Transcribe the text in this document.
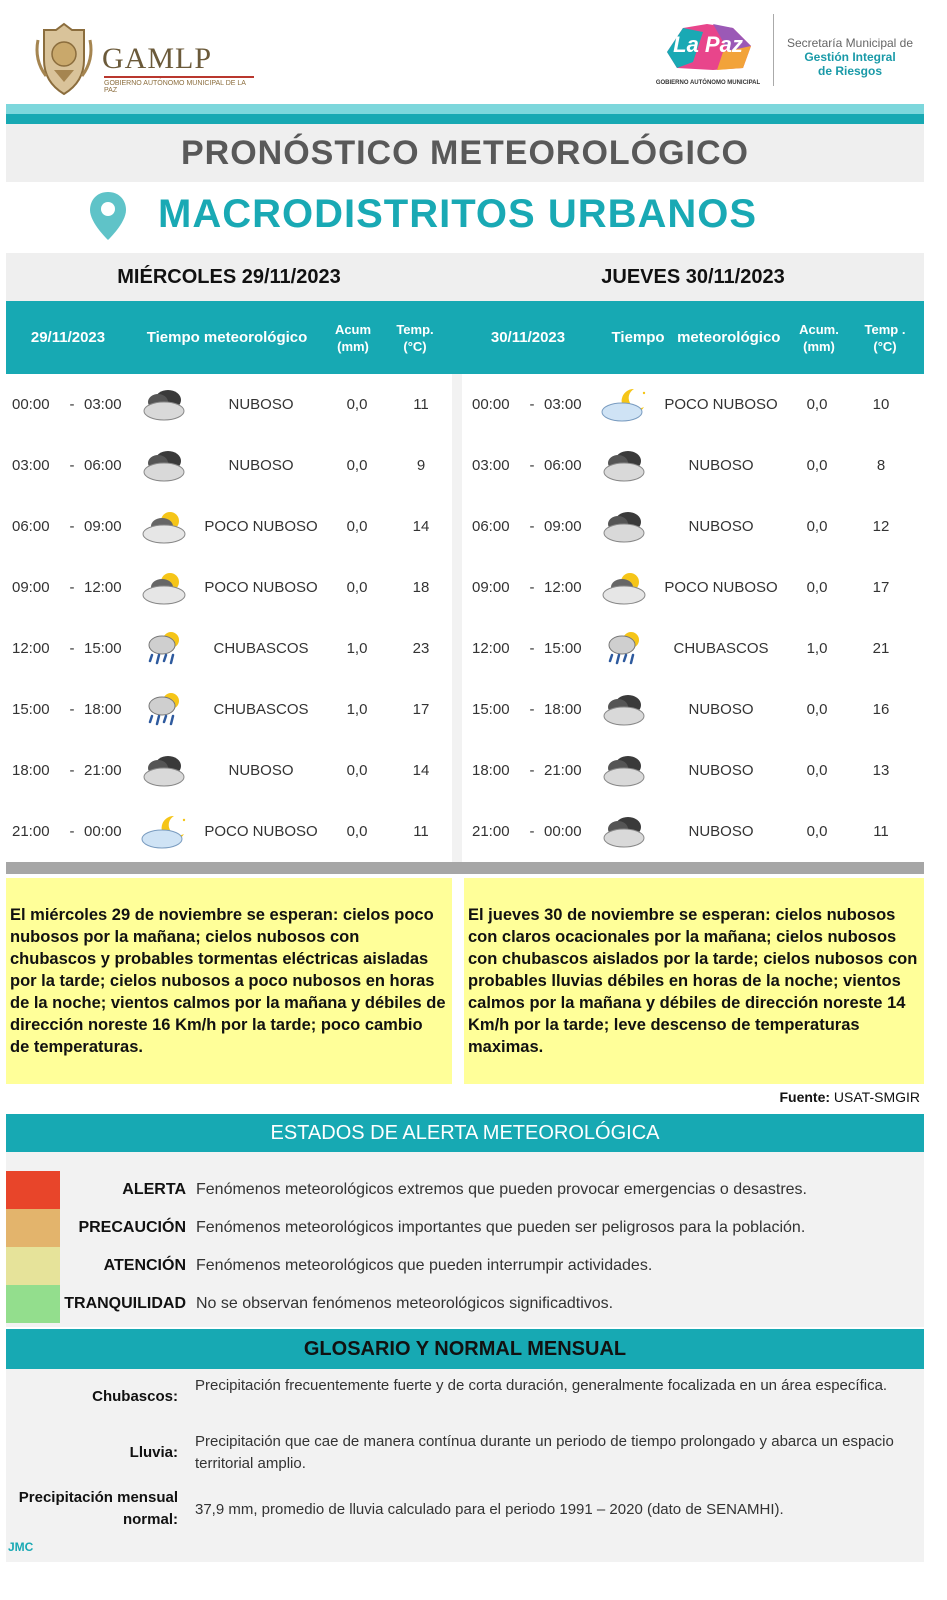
GAMLP
GOBIERNO AUTÓNOMO MUNICIPAL DE LA PAZ
La Paz
GOBIERNO AUTÓNOMO MUNICIPAL
Secretaría Municipal de
Gestión Integral
de Riesgos
PRONÓSTICO METEOROLÓGICO
MACRODISTRITOS URBANOS
MIÉRCOLES 29/11/2023	JUEVES 30/11/2023
29/11/2023	Tiempo meteorológico	Acum
(mm)
Temp.
(°C)	30/11/2023	Tiempo   meteorológico	Acum.
(mm)
Temp .
(°C)
00:00	- 03:00	NUBOSO	0,0	11
03:00	- 06:00	NUBOSO	0,0	9
06:00	- 09:00	POCO NUBOSO	0,0	14
09:00	- 12:00	POCO NUBOSO	0,0	18
12:00	- 15:00	CHUBASCOS	1,0	23
15:00	- 18:00	CHUBASCOS	1,0	17
18:00	- 21:00	NUBOSO	0,0	14
21:00	- 00:00	POCO NUBOSO	0,0	11
00:00	- 03:00	POCO NUBOSO	0,0	10
03:00	- 06:00	NUBOSO	0,0	8
06:00	- 09:00	NUBOSO	0,0	12
09:00	- 12:00	POCO NUBOSO	0,0	17
12:00	- 15:00	CHUBASCOS	1,0	21
15:00	- 18:00	NUBOSO	0,0	16
18:00	- 21:00	NUBOSO	0,0	13
21:00	- 00:00	NUBOSO	0,0	11
El miércoles 29 de noviembre se esperan: cielos poco nubosos por la mañana; cielos nubosos con chubascos y probables tormentas eléctricas aisladas por la tarde; cielos nubosos a poco nubosos en horas de la noche; vientos calmos por la mañana y débiles de dirección noreste 16 Km/h por la tarde; poco cambio de temperaturas.
El jueves 30 de noviembre se esperan: cielos nubosos con claros ocacionales por la mañana; cielos nubosos con chubascos aislados por la tarde; cielos nubosos con probables lluvias débiles en horas de la noche; vientos calmos por la mañana y débiles de dirección noreste 14 Km/h por la tarde; leve descenso de temperaturas maximas.
Fuente: USAT-SMGIR
ESTADOS DE ALERTA METEOROLÓGICA
ALERTA Fenómenos meteorológicos extremos que pueden provocar emergencias o desastres.
PRECAUCIÓN Fenómenos meteorológicos importantes que pueden ser peligrosos para la población.
ATENCIÓN Fenómenos meteorológicos que pueden interrumpir actividades.
TRANQUILIDAD No se observan fenómenos meteorológicos significadtivos.
GLOSARIO Y NORMAL MENSUAL
Chubascos:
Precipitación frecuentemente fuerte y de corta duración, generalmente focalizada en un área específica.
Lluvia:
Precipitación que cae de manera contínua durante un periodo de tiempo prolongado y abarca un espacio territorial amplio.
Precipitación mensual normal:
37,9 mm, promedio de lluvia calculado para el periodo 1991 – 2020 (dato de SENAMHI).
JMC
